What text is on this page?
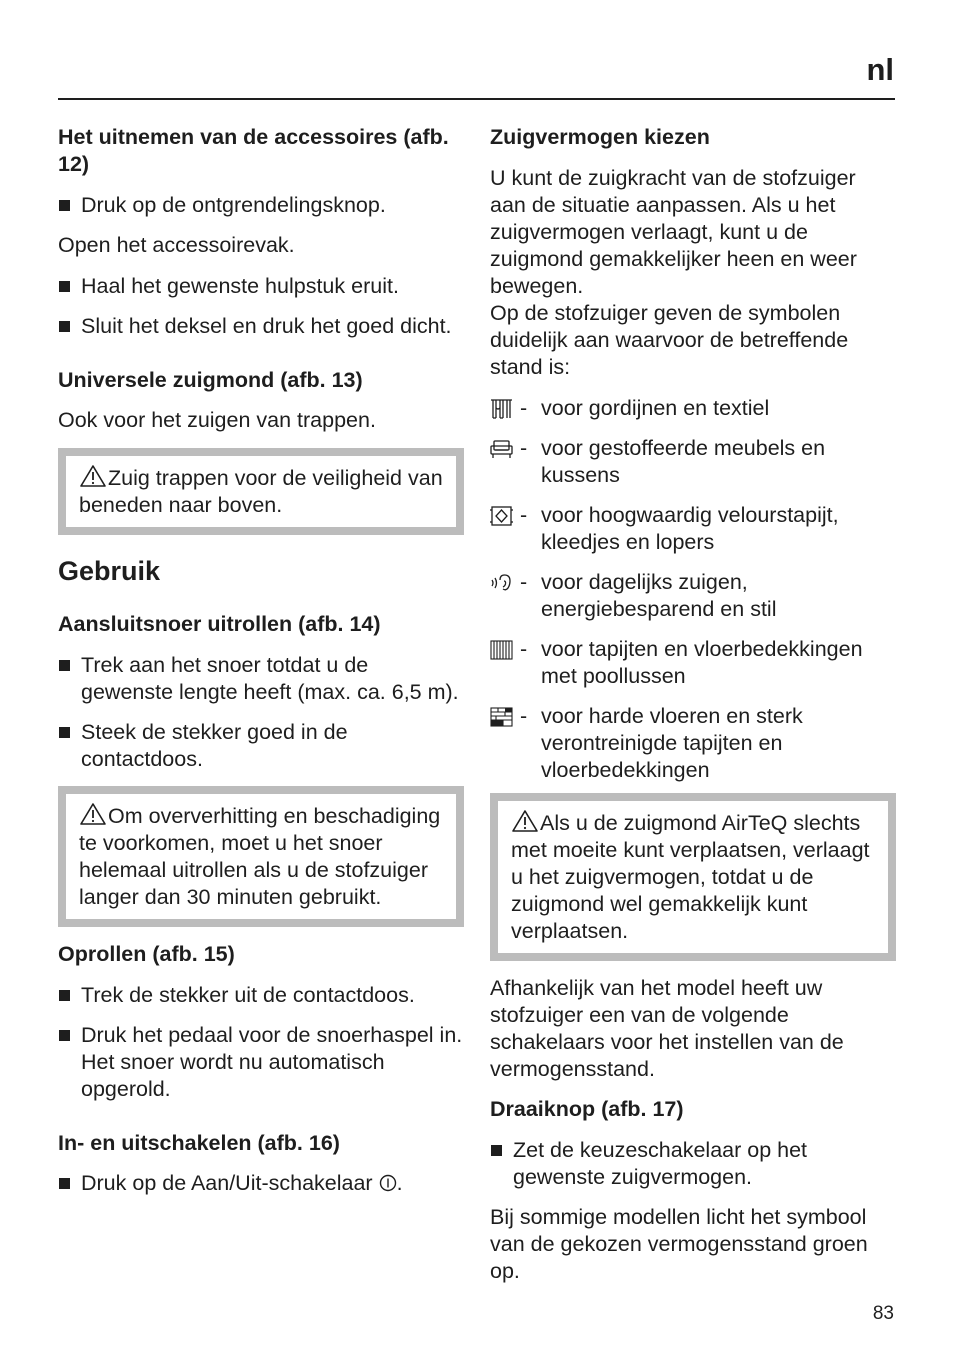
nl
Het uitnemen van de accessoires (afb. 12)

Druk op de ontgrendelingsknop.

Open het accessoirevak.

Haal het gewenste hulpstuk eruit.

Sluit het deksel en druk het goed dicht.

Universele zuigmond (afb. 13)

Ook voor het zuigen van trappen.

Zuig trappen voor de veiligheid van beneden naar boven.
Gebruik
Aansluitsnoer uitrollen (afb. 14)

Trek aan het snoer totdat u de gewenste lengte heeft (max. ca. 6,5 m).

Steek de stekker goed in de contactdoos.

Om oververhitting en beschadiging te voorkomen, moet u het snoer helemaal uitrollen als u de stofzuiger langer dan 30 minuten gebruikt.
Oprollen (afb. 15)

Trek de stekker uit de contactdoos.

Druk het pedaal voor de snoerhaspel in. Het snoer wordt nu automatisch opgerold.

In- en uitschakelen (afb. 16)

Druk op de Aan/Uit-schakelaar .

Zuigvermogen kiezen

U kunt de zuigkracht van de stofzuiger aan de situatie aanpassen. Als u het zuigvermogen verlaagt, kunt u de zuigmond gemakkelijker heen en weer bewegen.

Op de stofzuiger geven de symbolen duidelijk aan waarvoor de betreffende stand is:

- voor gordijnen en textiel
- voor gestoffeerde meubels en kussens
- voor hoogwaardig velourstapijt, kleedjes en lopers
- voor dagelijks zuigen, energiebesparend en stil
- voor tapijten en vloerbedekkingen met poollussen
- voor harde vloeren en sterk verontreinigde tapijten en vloerbedekkingen
Als u de zuigmond AirTeQ slechts met moeite kunt verplaatsen, verlaagt u het zuigvermogen, totdat u de zuigmond wel gemakkelijk kunt verplaatsen.

Afhankelijk van het model heeft uw stofzuiger een van de volgende schakelaars voor het instellen van de vermogensstand.

Draaiknop (afb. 17)

Zet de keuzeschakelaar op het gewenste zuigvermogen.

Bij sommige modellen licht het symbool van de gekozen vermogensstand groen op.

83
